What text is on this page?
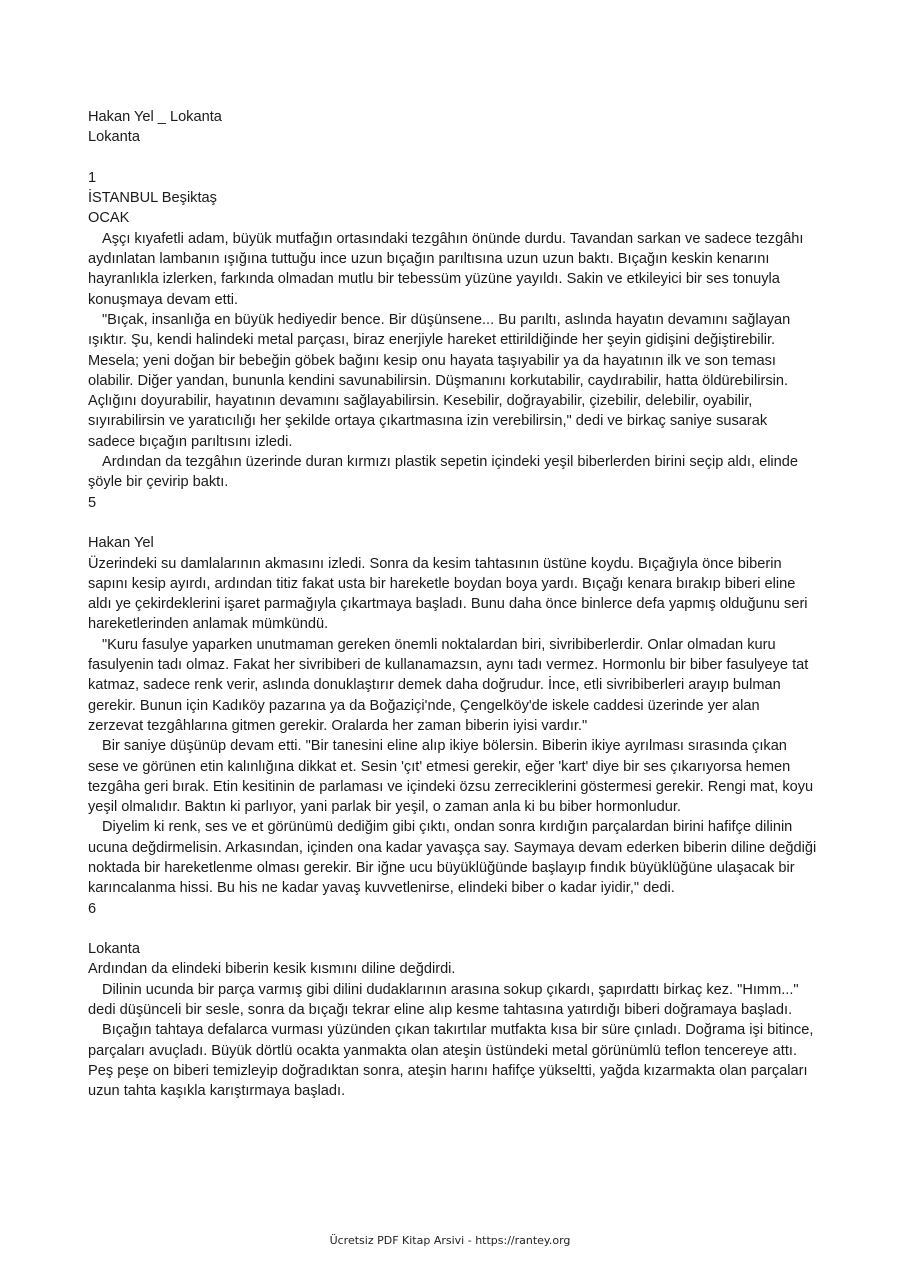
Hakan Yel _ Lokanta
Lokanta
1
İSTANBUL Beşiktaş
OCAK

Aşçı kıyafetli adam, büyük mutfağın ortasındaki tezgâhın önünde durdu. Tavandan sarkan ve sadece tezgâhı aydınlatan lambanın ışığına tuttuğu ince uzun bıçağın parıltısına uzun uzun baktı. Bıçağın keskin kenarını hayranlıkla izlerken, farkında olmadan mutlu bir tebessüm yüzüne yayıldı. Sakin ve etkileyici bir ses tonuyla konuşmaya devam etti.

"Bıçak, insanlığa en büyük hediyedir bence. Bir düşünsene... Bu parıltı, aslında hayatın devamını sağlayan ışıktır. Şu, kendi halindeki metal parçası, biraz enerjiyle hareket ettirildiğinde her şeyin gidişini değiştirebilir. Mesela; yeni doğan bir bebeğin göbek bağını kesip onu hayata taşıyabilir ya da hayatının ilk ve son teması olabilir. Diğer yandan, bununla kendini savunabilirsin. Düşmanını korkutabilir, caydırabilir, hatta öldürebilirsin. Açlığını doyurabilir, hayatının devamını sağlayabilirsin. Kesebilir, doğrayabilir, çizebilir, delebilir, oyabilir, sıyırabilirsin ve yaratıcılığı her şekilde ortaya çıkartmasına izin verebilirsin," dedi ve birkaç saniye susarak sadece bıçağın parıltısını izledi.

Ardından da tezgâhın üzerinde duran kırmızı plastik sepetin içindeki yeşil biberlerden birini seçip aldı, elinde şöyle bir çevirip baktı.

5
Hakan Yel

Üzerindeki su damlalarının akmasını izledi. Sonra da kesim tahtasının üstüne koydu. Bıçağıyla önce biberin sapını kesip ayırdı, ardından titiz fakat usta bir hareketle boydan boya yardı. Bıçağı kenara bırakıp biberi eline aldı ye çekirdeklerini işaret parmağıyla çıkartmaya başladı. Bunu daha önce binlerce defa yapmış olduğunu seri hareketlerinden anlamak mümkündü.

"Kuru fasulye yaparken unutmaman gereken önemli noktalardan biri, sivribiberlerdir. Onlar olmadan kuru fasulyenin tadı olmaz. Fakat her sivribiberi de kullanamazsın, aynı tadı vermez. Hormonlu bir biber fasulyeye tat katmaz, sadece renk verir, aslında donuklaştırır demek daha doğrudur. İnce, etli sivribiberleri arayıp bulman gerekir. Bunun için Kadıköy pazarına ya da Boğaziçi'nde, Çengelköy'de iskele caddesi üzerinde yer alan zerzevat tezgâhlarına gitmen gerekir. Oralarda her zaman biberin iyisi vardır."

Bir saniye düşünüp devam etti. "Bir tanesini eline alıp ikiye bölersin. Biberin ikiye ayrılması sırasında çıkan sese ve görünen etin kalınlığına dikkat et. Sesin 'çıt' etmesi gerekir, eğer 'kart' diye bir ses çıkarıyorsa hemen tezgâha geri bırak. Etin kesitinin de parlaması ve içindeki özsu zerreciklerini göstermesi gerekir. Rengi mat, koyu yeşil olmalıdır. Baktın ki parlıyor, yani parlak bir yeşil, o zaman anla ki bu biber hormonludur.

Diyelim ki renk, ses ve et görünümü dediğim gibi çıktı, ondan sonra kırdığın parçalardan birini hafifçe dilinin ucuna değdirmelisin. Arkasından, içinden ona kadar yavaşça say. Saymaya devam ederken biberin diline değdiği noktada bir hareketlenme olması gerekir. Bir iğne ucu büyüklüğünde başlayıp fındık büyüklüğüne ulaşacak bir karıncalanma hissi. Bu his ne kadar yavaş kuvvetlenirse, elindeki biber o kadar iyidir," dedi.

6
Lokanta

Ardından da elindeki biberin kesik kısmını diline değdirdi.

Dilinin ucunda bir parça varmış gibi dilini dudaklarının arasına sokup çıkardı, şapırdattı birkaç kez. "Hımm..." dedi düşünceli bir sesle, sonra da bıçağı tekrar eline alıp kesme tahtasına yatırdığı biberi doğramaya başladı.

Bıçağın tahtaya defalarca vurması yüzünden çıkan takırtılar mutfakta kısa bir süre çınladı. Doğrama işi bitince, parçaları avuçladı. Büyük dörtlü ocakta yanmakta olan ateşin üstündeki metal görünümlü teflon tencereye attı. Peş peşe on biberi temizleyip doğradıktan sonra, ateşin harını hafifçe yükseltti, yağda kızarmakta olan parçaları uzun tahta kaşıkla karıştırmaya başladı.

Ücretsiz PDF Kitap Arsivi - https://rantey.org
